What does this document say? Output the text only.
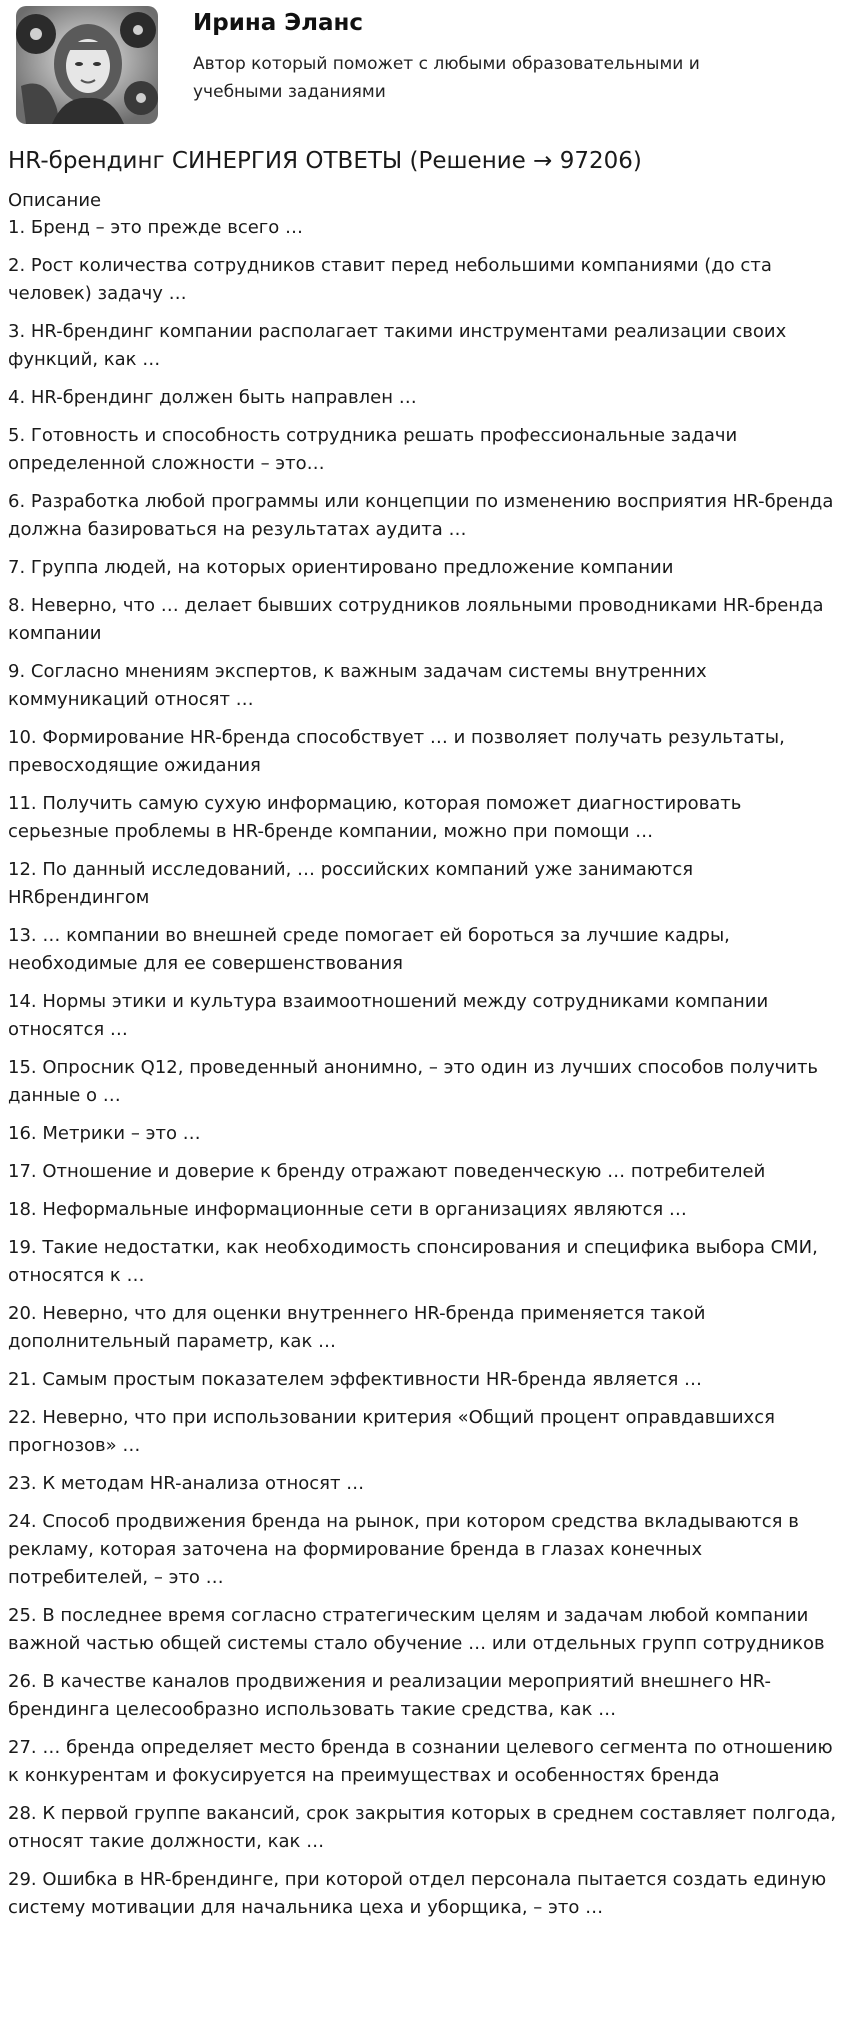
Ирина Эланс
Автор который поможет с любыми образовательными и учебными заданиями
HR-брендинг СИНЕРГИЯ ОТВЕТЫ (Решение → 97206)
Описание
1. Бренд – это прежде всего …
2. Рост количества сотрудников ставит перед небольшими компаниями (до ста человек) задачу …
3. HR-брендинг компании располагает такими инструментами реализации своих функций, как …
4. HR-брендинг должен быть направлен …
5. Готовность и способность сотрудника решать профессиональные задачи определенной сложности – это…
6. Разработка любой программы или концепции по изменению восприятия HR-бренда должна базироваться на результатах аудита …
7. Группа людей, на которых ориентировано предложение компании
8. Неверно, что … делает бывших сотрудников лояльными проводниками HR-бренда компании
9. Согласно мнениям экспертов, к важным задачам системы внутренних коммуникаций относят …
10. Формирование HR-бренда способствует … и позволяет получать результаты, превосходящие ожидания
11. Получить самую сухую информацию, которая поможет диагностировать серьезные проблемы в HR-бренде компании, можно при помощи …
12. По данный исследований, … российских компаний уже занимаются HRбрендингом
13. … компании во внешней среде помогает ей бороться за лучшие кадры, необходимые для ее совершенствования
14. Нормы этики и культура взаимоотношений между сотрудниками компании относятся …
15. Опросник Q12, проведенный анонимно, – это один из лучших способов получить данные о …
16. Метрики – это …
17. Отношение и доверие к бренду отражают поведенческую … потребителей
18. Неформальные информационные сети в организациях являются …
19. Такие недостатки, как необходимость спонсирования и специфика выбора СМИ, относятся к …
20. Неверно, что для оценки внутреннего HR-бренда применяется такой дополнительный параметр, как …
21. Самым простым показателем эффективности HR-бренда является …
22. Неверно, что при использовании критерия «Общий процент оправдавшихся прогнозов» …
23. К методам HR-анализа относят …
24. Способ продвижения бренда на рынок, при котором средства вкладываются в рекламу, которая заточена на формирование бренда в глазах конечных потребителей, – это …
25. В последнее время согласно стратегическим целям и задачам любой компании важной частью общей системы стало обучение … или отдельных групп сотрудников
26. В качестве каналов продвижения и реализации мероприятий внешнего HR-брендинга целесообразно использовать такие средства, как …
27. … бренда определяет место бренда в сознании целевого сегмента по отношению к конкурентам и фокусируется на преимуществах и особенностях бренда
28. К первой группе вакансий, срок закрытия которых в среднем составляет полгода, относят такие должности, как …
29. Ошибка в HR-брендинге, при которой отдел персонала пытается создать единую систему мотивации для начальника цеха и уборщика, – это …
